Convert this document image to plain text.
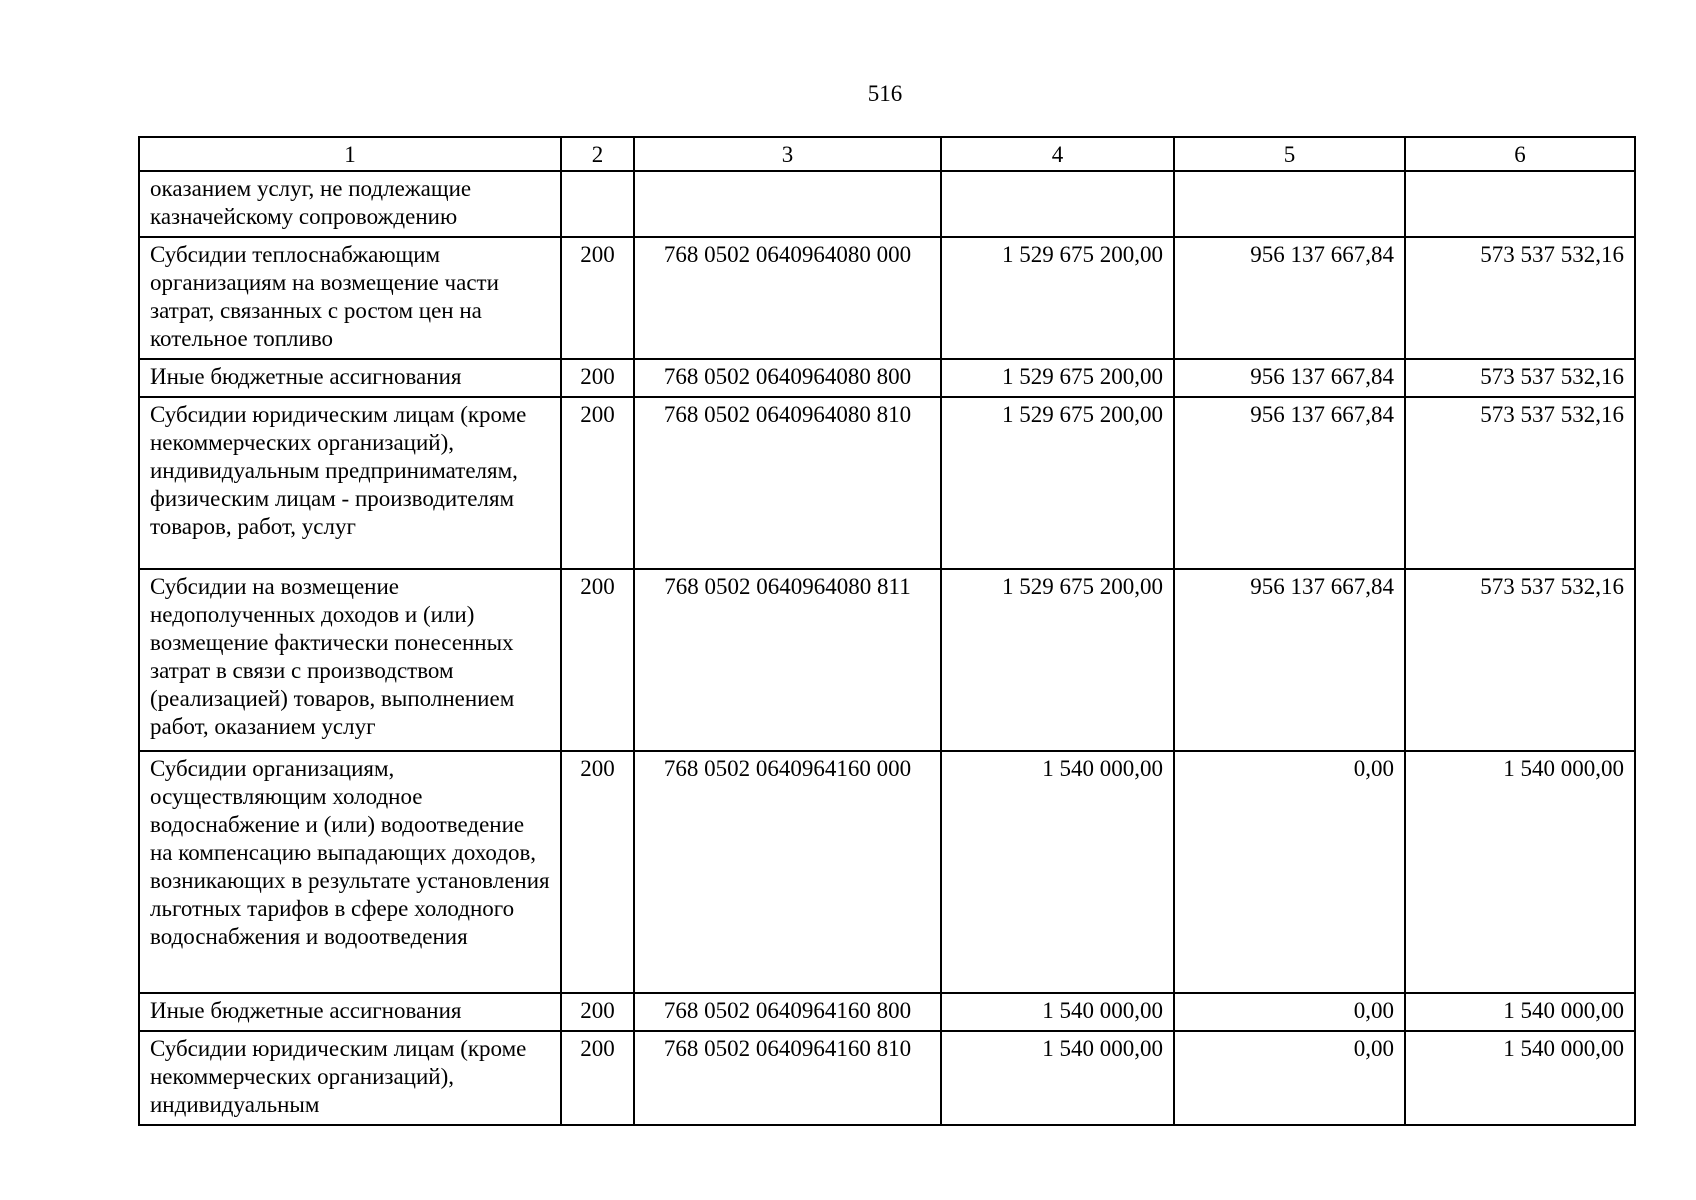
516
1	2	3	4	5	6
оказанием услуг, не подлежащие казначейскому сопровождению					
Субсидии теплоснабжающим организациям на возмещение части затрат, связанных с ростом цен на котельное топливо	200	768 0502 0640964080 000	1 529 675 200,00	956 137 667,84	573 537 532,16
Иные бюджетные ассигнования	200	768 0502 0640964080 800	1 529 675 200,00	956 137 667,84	573 537 532,16
Субсидии юридическим лицам (кроме некоммерческих организаций), индивидуальным предпринимателям, физическим лицам - производителям товаров, работ, услуг	200	768 0502 0640964080 810	1 529 675 200,00	956 137 667,84	573 537 532,16
Субсидии на возмещение недополученных доходов и (или) возмещение фактически понесенных затрат в связи с производством (реализацией) товаров, выполнением работ, оказанием услуг	200	768 0502 0640964080 811	1 529 675 200,00	956 137 667,84	573 537 532,16
Субсидии организациям, осуществляющим холодное водоснабжение и (или) водоотведение на компенсацию выпадающих доходов, возникающих в результате установления льготных тарифов в сфере холодного водоснабжения и водоотведения	200	768 0502 0640964160 000	1 540 000,00	0,00	1 540 000,00
Иные бюджетные ассигнования	200	768 0502 0640964160 800	1 540 000,00	0,00	1 540 000,00
Субсидии юридическим лицам (кроме некоммерческих организаций), индивидуальным	200	768 0502 0640964160 810	1 540 000,00	0,00	1 540 000,00
